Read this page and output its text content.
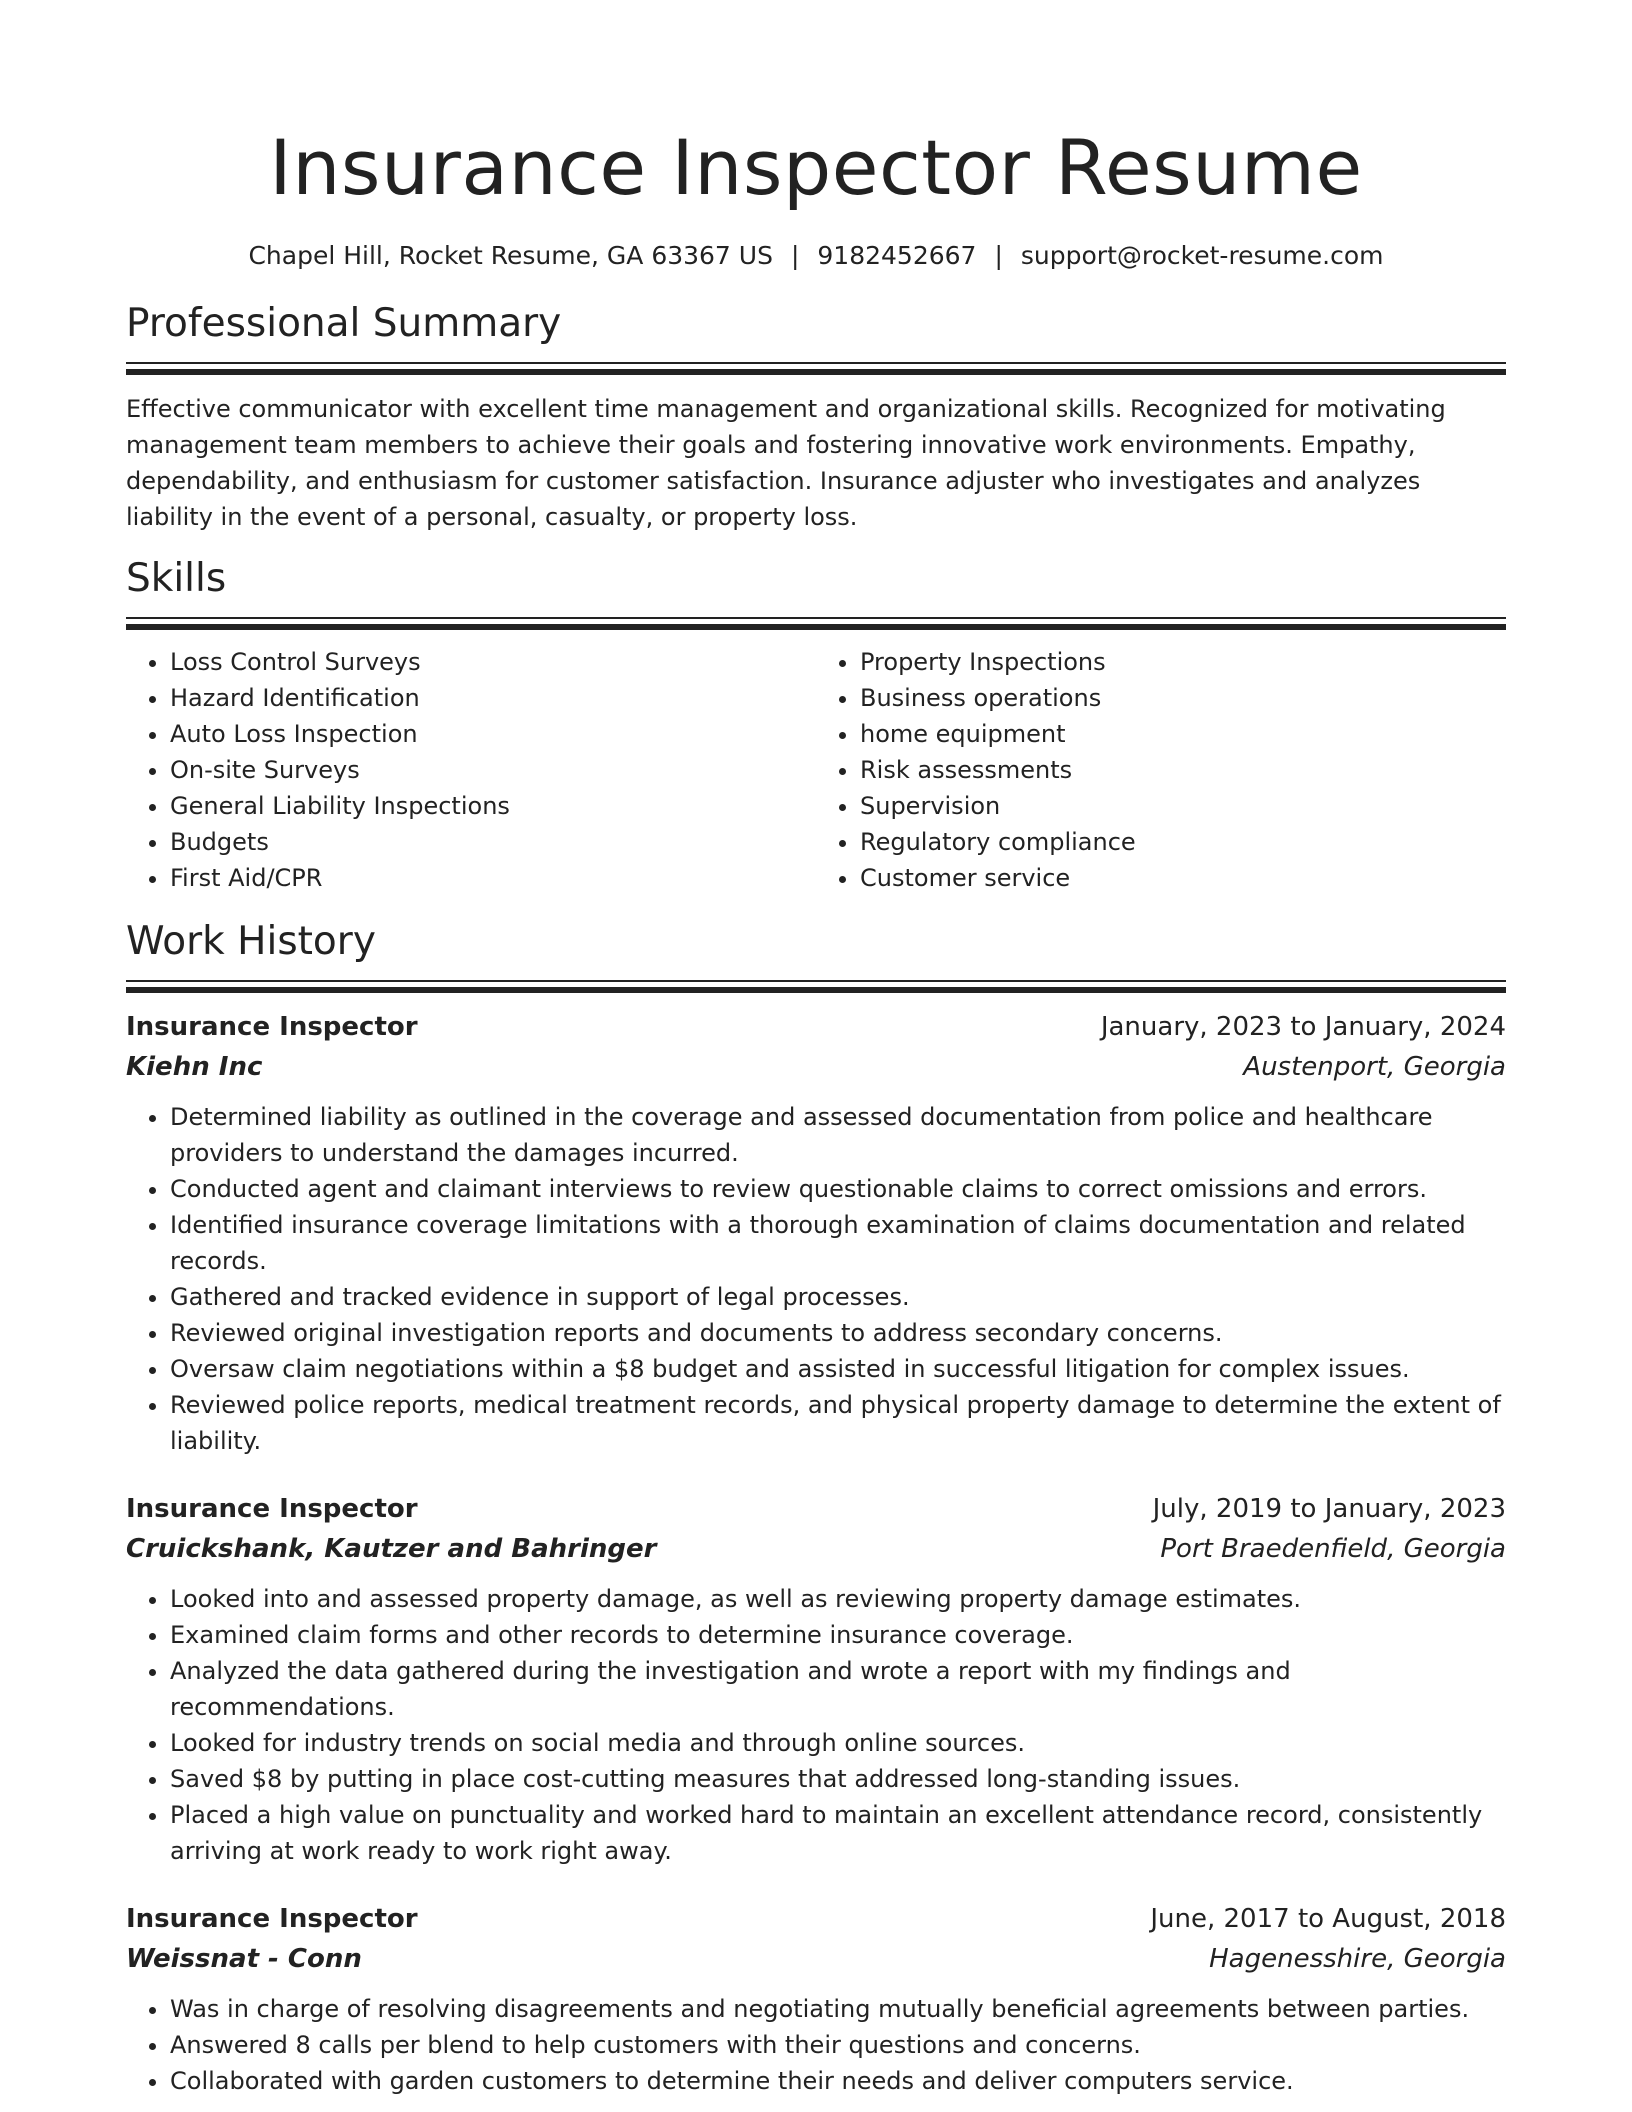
Insurance Inspector Resume
Chapel Hill, Rocket Resume, GA 63367 US | 9182452667 | support@rocket-resume.com
Professional Summary

Effective communicator with excellent time management and organizational skills. Recognized for motivating management team members to achieve their goals and fostering innovative work environments. Empathy, dependability, and enthusiasm for customer satisfaction. Insurance adjuster who investigates and analyzes liability in the event of a personal, casualty, or property loss.

Skills
• Loss Control Surveys
• Hazard Identification
• Auto Loss Inspection
• On-site Surveys
• General Liability Inspections
• Budgets
• First Aid/CPR
• Property Inspections
• Business operations
• home equipment
• Risk assessments
• Supervision
• Regulatory compliance
• Customer service
Work History
Insurance Inspector	January, 2023 to January, 2024
Kiehn Inc	Austenport, Georgia
• Determined liability as outlined in the coverage and assessed documentation from police and healthcare providers to understand the damages incurred.
• Conducted agent and claimant interviews to review questionable claims to correct omissions and errors.
• Identified insurance coverage limitations with a thorough examination of claims documentation and related records.
• Gathered and tracked evidence in support of legal processes.
• Reviewed original investigation reports and documents to address secondary concerns.
• Oversaw claim negotiations within a $8 budget and assisted in successful litigation for complex issues.
• Reviewed police reports, medical treatment records, and physical property damage to determine the extent of liability.
Insurance Inspector	July, 2019 to January, 2023
Cruickshank, Kautzer and Bahringer	Port Braedenfield, Georgia
• Looked into and assessed property damage, as well as reviewing property damage estimates.
• Examined claim forms and other records to determine insurance coverage.
• Analyzed the data gathered during the investigation and wrote a report with my findings and recommendations.
• Looked for industry trends on social media and through online sources.
• Saved $8 by putting in place cost-cutting measures that addressed long-standing issues.
• Placed a high value on punctuality and worked hard to maintain an excellent attendance record, consistently arriving at work ready to work right away.
Insurance Inspector	June, 2017 to August, 2018
Weissnat - Conn	Hagenesshire, Georgia
• Was in charge of resolving disagreements and negotiating mutually beneficial agreements between parties.
• Answered 8 calls per blend to help customers with their questions and concerns.
• Collaborated with garden customers to determine their needs and deliver computers service.
